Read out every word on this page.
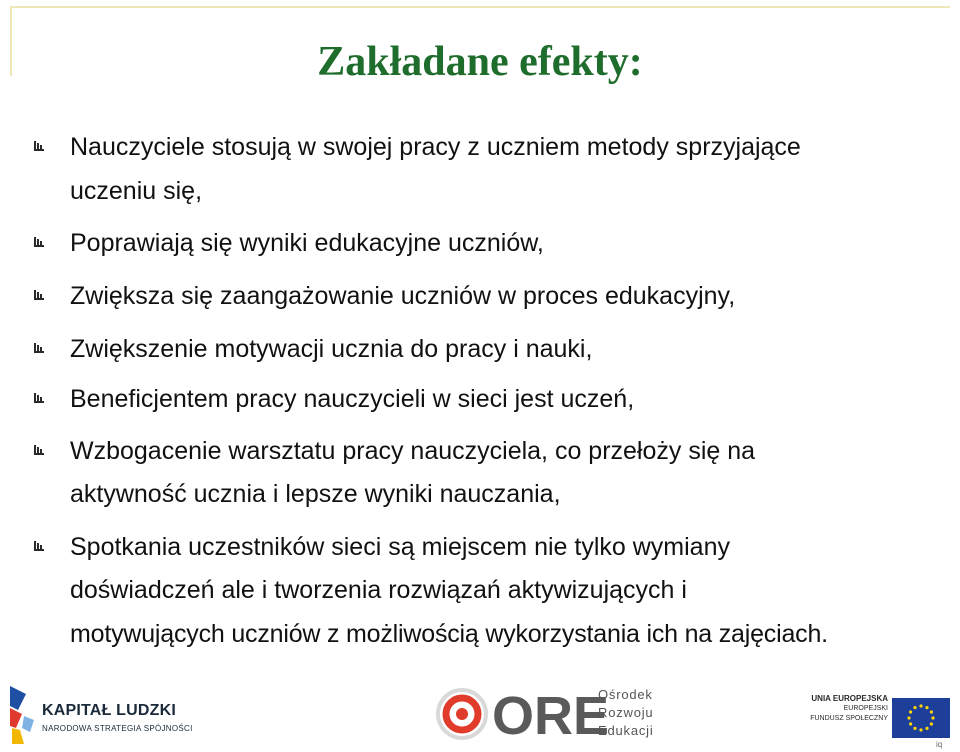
Zakładane efekty:
Nauczyciele stosują w swojej pracy z uczniem metody sprzyjające
uczeniu się,
Poprawiają się wyniki edukacyjne uczniów,
Zwiększa się zaangażowanie uczniów w proces edukacyjny,
Zwiększenie motywacji ucznia do pracy i nauki,
Beneficjentem pracy nauczycieli w sieci jest uczeń,
Wzbogacenie warsztatu pracy nauczyciela, co przełoży się na
aktywność ucznia i lepsze wyniki nauczania,
Spotkania uczestników sieci są miejscem nie tylko wymiany
doświadczeń ale i tworzenia rozwiązań aktywizujących i
motywujących uczniów z możliwością wykorzystania ich na zajęciach.
KAPITAŁ LUDZKI
NARODOWA STRATEGIA SPÓJNOŚCI	ORE
Ośrodek
Rozwoju
Edukacji
UNIA EUROPEJSKA
EUROPEJSKI
FUNDUSZ SPOŁECZNY
iq
